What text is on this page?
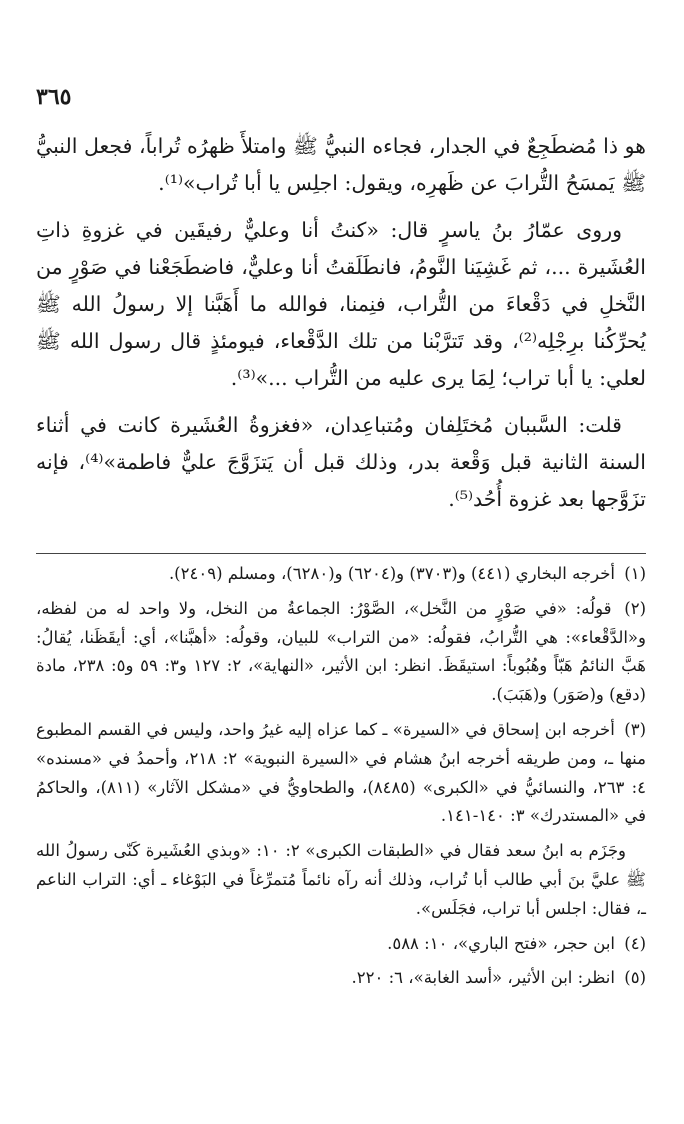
٣٦٥

هو ذا مُضطَجِعٌ في الجدار، فجاءه النبيُّ ﷺ وامتلأَ ظهرُه تُراباً، فجعل النبيُّ ﷺ يَمسَحُ التُّرابَ عن ظَهرِه، ويقول: اجلِس يا أبا تُراب»⁽¹⁾.

وروى عمّارُ بنُ ياسرٍ قال: «كنتُ أنا وعليٌّ رفيقَين في غزوةِ ذاتِ العُشَيرة ...، ثم غَشِيَنا النَّومُ، فانطَلَقتُ أنا وعليٌّ، فاضطَجَعْنا في صَوْرٍ من النَّخلِ في دَقْعاءَ من التُّراب، فنِمنا، فوالله ما أَهَبَّنا إلا رسولُ الله ﷺ يُحرِّكُنا برِجْلِه⁽²⁾، وقد تَترَّبْنا من تلك الدَّقْعاء، فيومئذٍ قال رسول الله ﷺ لعلي: يا أبا تراب؛ لِمَا يرى عليه من التُّراب ...»⁽³⁾.

قلت: السَّببان مُختَلِفان ومُتباعِدان، «فغزوةُ العُشَيرة كانت في أثناء السنة الثانية قبل وَقْعة بدر، وذلك قبل أن يَتزَوَّجَ عليٌّ فاطمة»⁽⁴⁾، فإنه تزَوَّجها بعد غزوة أُحُد⁽⁵⁾.

(١) أخرجه البخاري (٤٤١) و(٣٧٠٣) و(٦٢٠٤) و(٦٢٨٠)، ومسلم (٢٤٠٩).
(٢) قولُه: «في صَوْرٍ من النَّخل»، الصَّوْرُ: الجماعةُ من النخل، ولا واحد له من لفظه، و«الدَّقْعاء»: هي التُّرابُ، فقولُه: «من التراب» للبيان، وقولُه: «أهبَّنا»، أي: أيقَظَنا، يُقالُ: هَبَّ النائمُ هَبّاً وهُبُوباً: استيقَظَ. انظر: ابن الأثير، «النهاية»، ٢: ١٢٧ و٣: ٥٩ و٥: ٢٣٨، مادة (دقع) و(صَوَر) و(هَبَبَ).
(٣) أخرجه ابن إسحاق في «السيرة» ـ كما عزاه إليه غيرُ واحد، وليس في القسم المطبوع منها ـ، ومن طريقه أخرجه ابنُ هشام في «السيرة النبوية» ٢: ٢١٨، وأحمدُ في «مسنده» ٤: ٢٦٣، والنسائيُّ في «الكبرى» (٨٤٨٥)، والطحاويُّ في «مشكل الآثار» (٨١١)، والحاكمُ في «المستدرك» ٣: ١٤٠-١٤١.
وجَزَم به ابنُ سعد فقال في «الطبقات الكبرى» ٢: ١٠: «وبذي العُشَيرة كَنّى رسولُ الله ﷺ عليَّ بنَ أبي طالب أبا تُراب، وذلك أنه رآه نائماً مُتمرِّغاً في البَوْغاء ـ أي: التراب الناعم ـ، فقال: اجلس أبا تراب، فجَلَس».
(٤) ابن حجر، «فتح الباري»، ١٠: ٥٨٨.
(٥) انظر: ابن الأثير، «أسد الغابة»، ٦: ٢٢٠.
